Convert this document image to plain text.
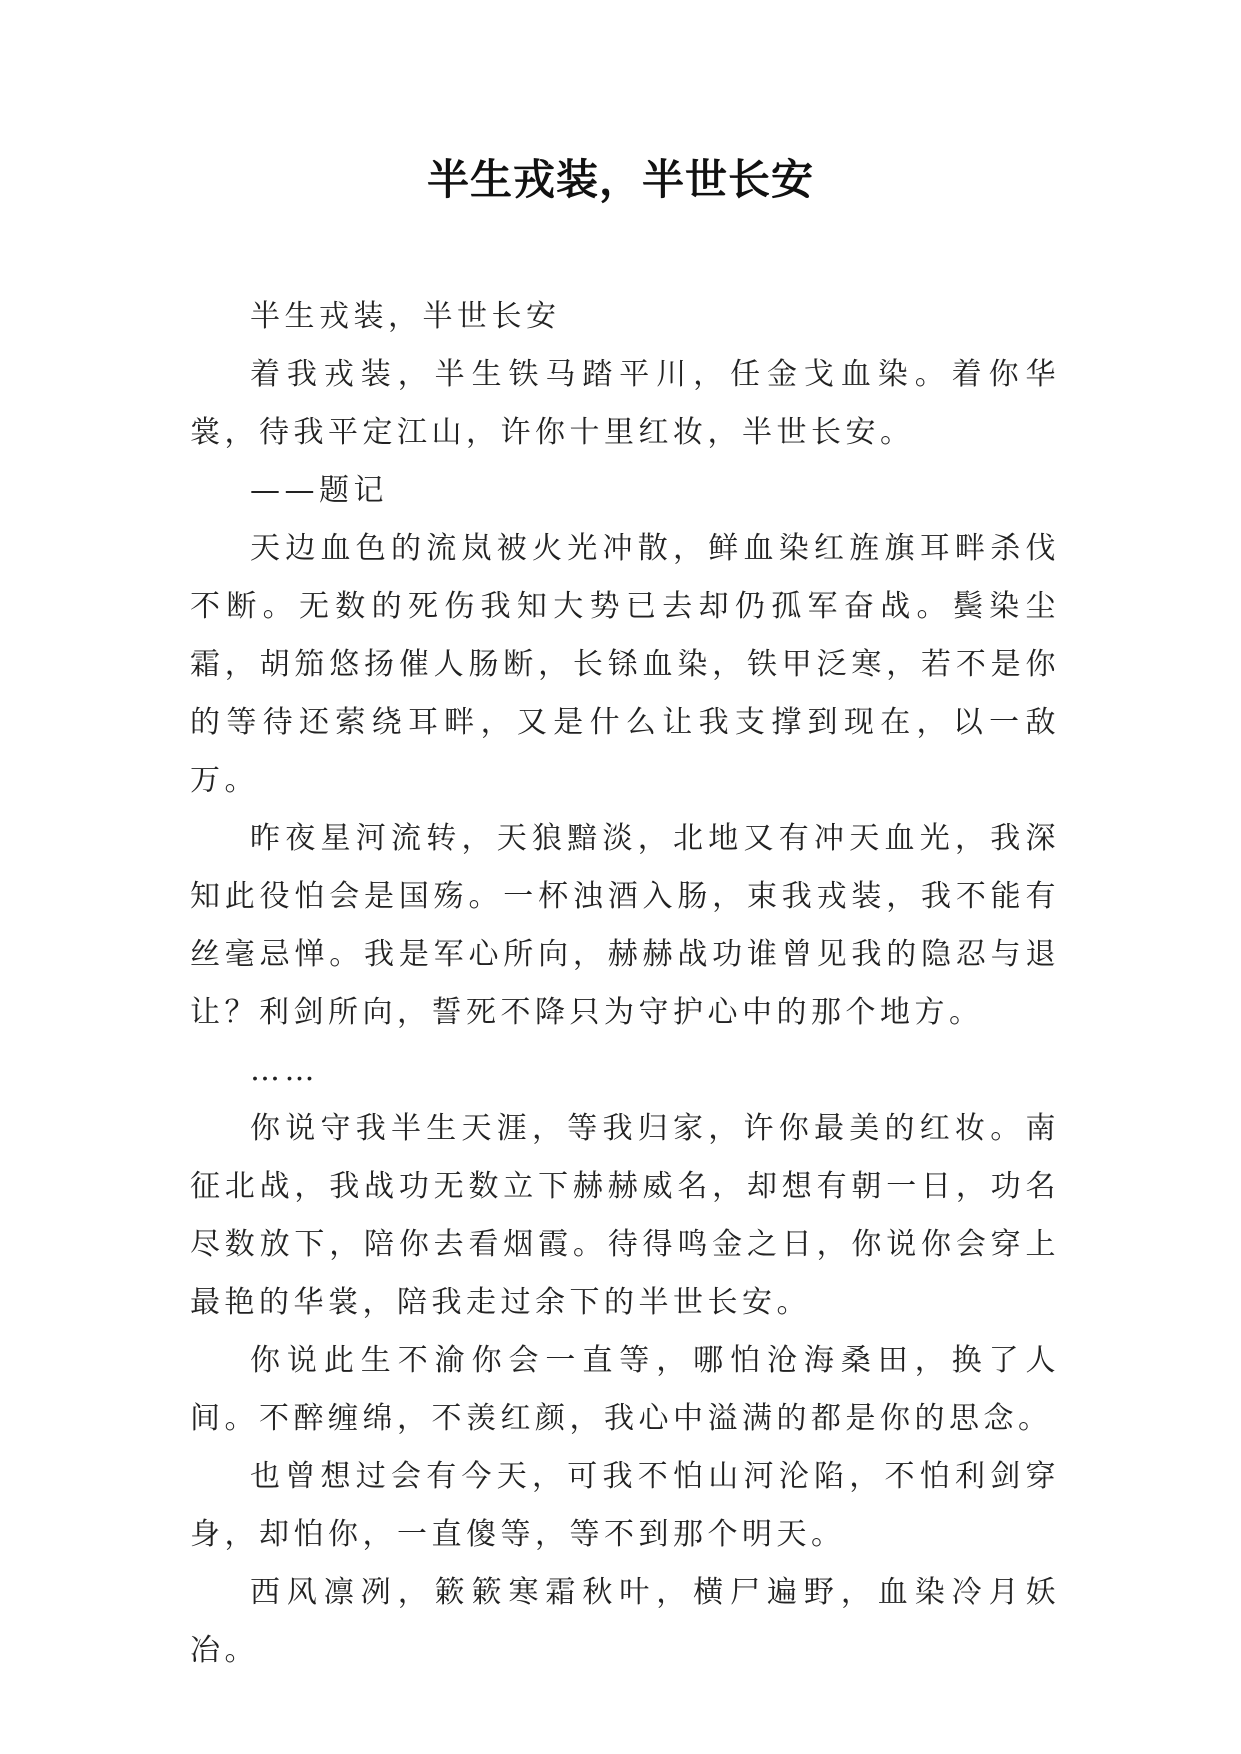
半生戎装，半世长安

半生戎装，半世长安

着我戎装，半生铁马踏平川，任金戈血染。着你华裳，待我平定江山，许你十里红妆，半世长安。

——题记

天边血色的流岚被火光冲散，鲜血染红旌旗耳畔杀伐不断。无数的死伤我知大势已去却仍孤军奋战。鬓染尘霜，胡笳悠扬催人肠断，长铩血染，铁甲泛寒，若不是你的等待还萦绕耳畔，又是什么让我支撑到现在，以一敌万。

昨夜星河流转，天狼黯淡，北地又有冲天血光，我深知此役怕会是国殇。一杯浊酒入肠，束我戎装，我不能有丝毫忌惮。我是军心所向，赫赫战功谁曾见我的隐忍与退让？利剑所向，誓死不降只为守护心中的那个地方。

……

你说守我半生天涯，等我归家，许你最美的红妆。南征北战，我战功无数立下赫赫威名，却想有朝一日，功名尽数放下，陪你去看烟霞。待得鸣金之日，你说你会穿上最艳的华裳，陪我走过余下的半世长安。

你说此生不渝你会一直等，哪怕沧海桑田，换了人间。不醉缠绵，不羡红颜，我心中溢满的都是你的思念。

也曾想过会有今天，可我不怕山河沦陷，不怕利剑穿身，却怕你，一直傻等，等不到那个明天。

西风凛冽，簌簌寒霜秋叶，横尸遍野，血染冷月妖冶。
